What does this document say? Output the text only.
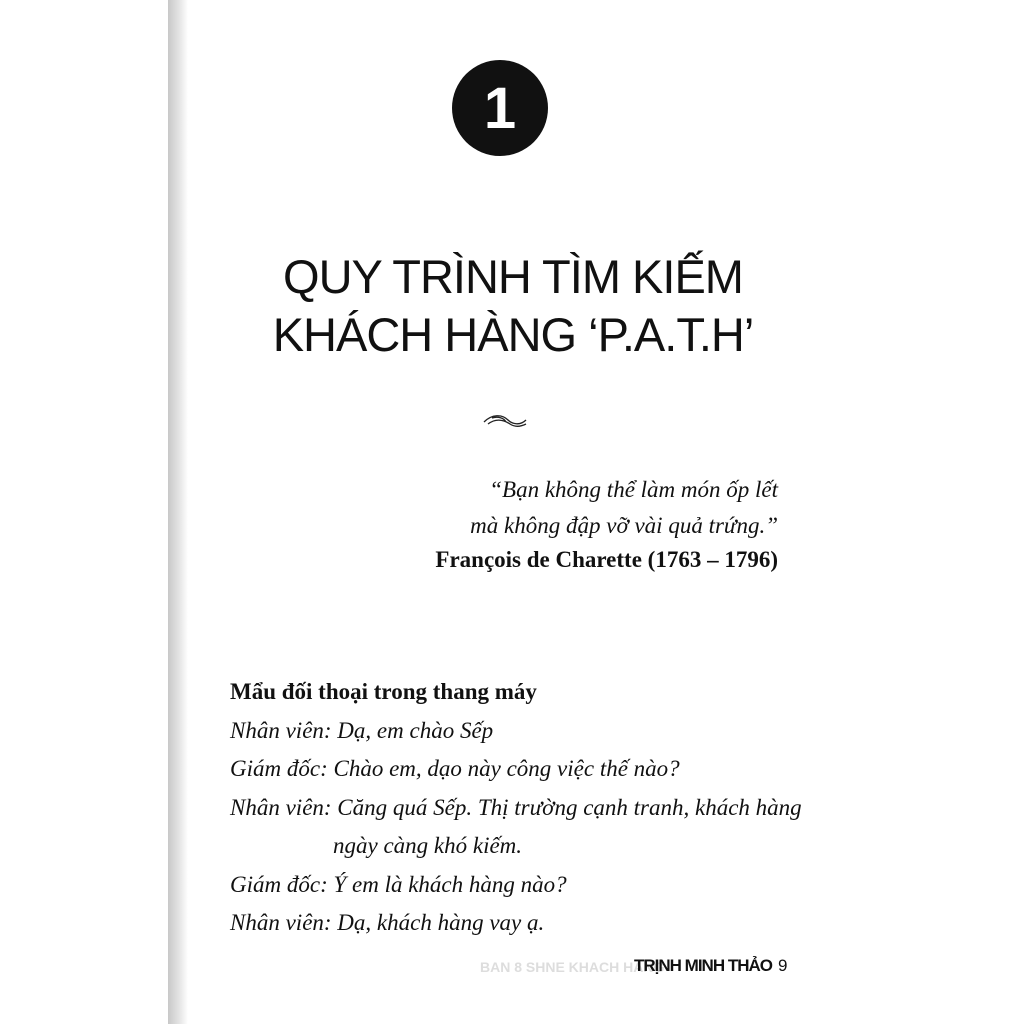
1
QUY TRÌNH TÌM KIẾM
KHÁCH HÀNG ‘P.A.T.H’
“Bạn không thể làm món ốp lết
mà không đập vỡ vài quả trứng.”
François de Charette (1763 – 1796)
Mẩu đối thoại trong thang máy
Nhân viên: Dạ, em chào Sếp
Giám đốc: Chào em, dạo này công việc thế nào?
Nhân viên: Căng quá Sếp. Thị trường cạnh tranh, khách hàng
ngày càng khó kiếm.
Giám đốc: Ý em là khách hàng nào?
Nhân viên: Dạ, khách hàng vay ạ.
BAN 8 SHNE KHACH HANG
TRỊNH MINH THẢO 9
